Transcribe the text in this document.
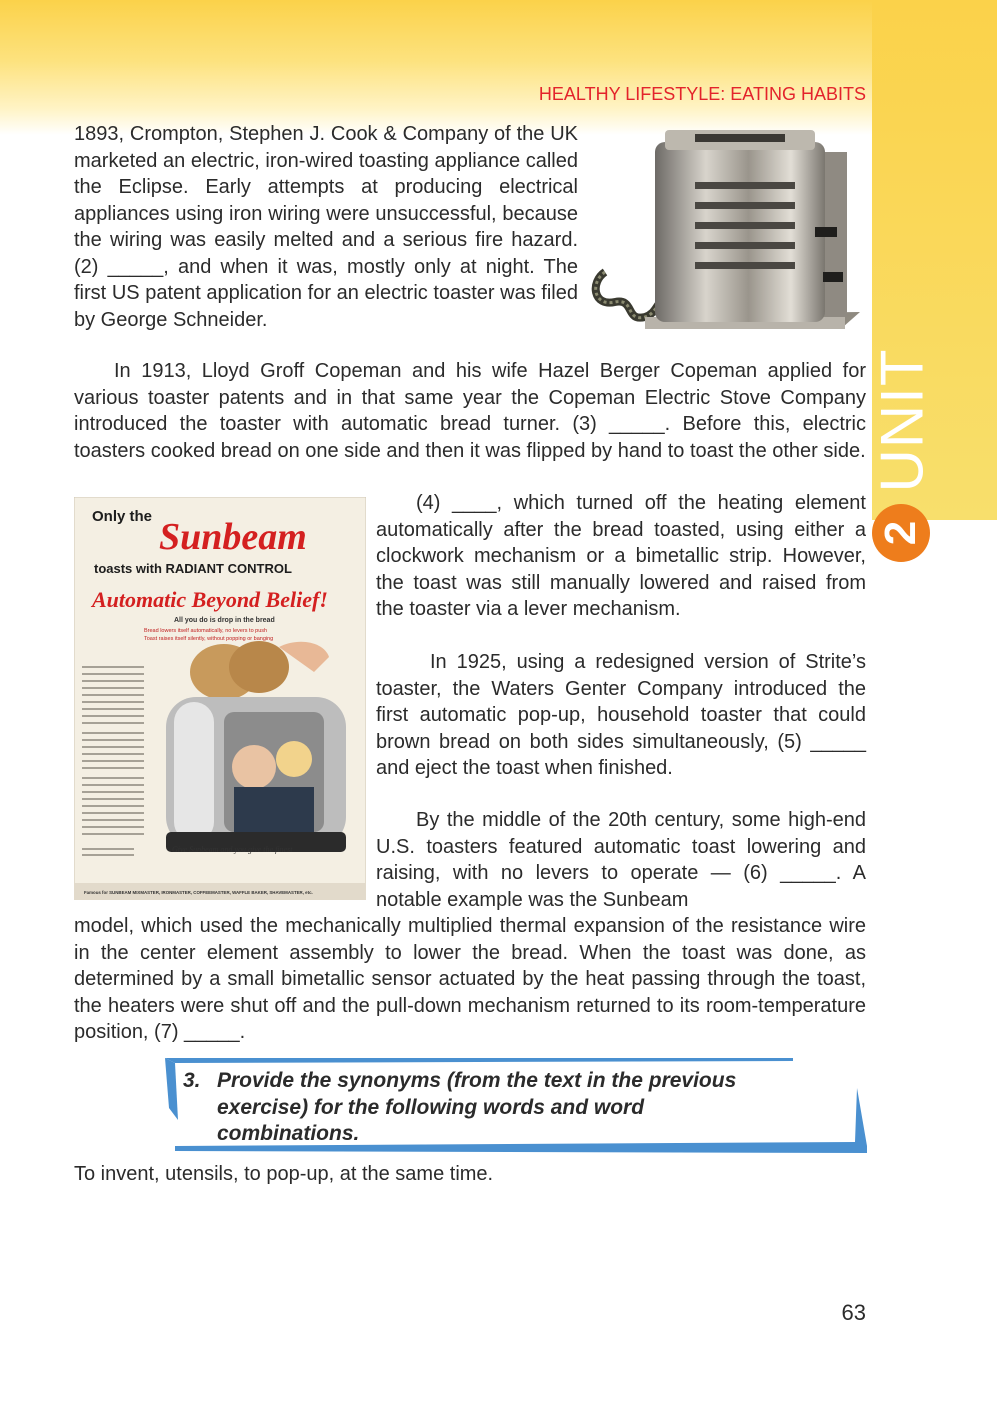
UNIT
2
HEALTHY LIFESTYLE: EATING HABITS

1893, Crompton, Stephen J. Cook & Company of the UK marketed an electric, iron-wired toasting appliance called the Eclipse. Early attempts at producing electrical appliances using iron wiring were unsuccessful, because the wiring was easily melted and a serious fire hazard. (2) _____, and when it was, mostly only at night. The first US patent application for an electric toaster was filed by George Schneider.

In 1913, Lloyd Groff Copeman and his wife Hazel Berger Copeman applied for various toaster patents and in that same year the Copeman Electric Stove Company introduced the toaster with automatic bread turner. (3) _____. Before this, electric toasters cooked bread on one side and then it was flipped by hand to toast the other side.

Only the Sunbeam
toasts with RADIANT CONTROL
Automatic Beyond Belief!
All you do is drop in the bread
Bread lowers itself automatically, no levers to push
Toast raises itself silently, without popping or banging
Give Sunbeam and you give the finest
Famous for SUNBEAM MIXMASTER, IRONMASTER, COFFEEMASTER, WAFFLE BAKER, SHAVEMASTER, etc.

(4) ____, which turned off the heating element automatically after the bread toasted, using either a clockwork mechanism or a bimetallic strip. However, the toast was still manually lowered and raised from the toaster via a lever mechanism.

In 1925, using a redesigned version of Strite’s toaster, the Waters Genter Company introduced the first automatic pop-up, household toaster that could brown bread on both sides simultaneously, (5) _____ and eject the toast when finished.

By the middle of the 20th century, some high-end U.S. toasters featured automatic toast lowering and raising, with no levers to operate — (6) _____. A notable example was the Sunbeam

model, which used the mechanically multiplied thermal expansion of the resistance wire in the center element assembly to lower the bread. When the toast was done, as determined by a small bimetallic sensor actuated by the heat passing through the toast, the heaters were shut off and the pull-down mechanism returned to its room-temperature position, (7) _____.

3. Provide the synonyms (from the text in the previous
exercise) for the following words and word
combinations.
To invent, utensils, to pop-up, at the same time.
63
